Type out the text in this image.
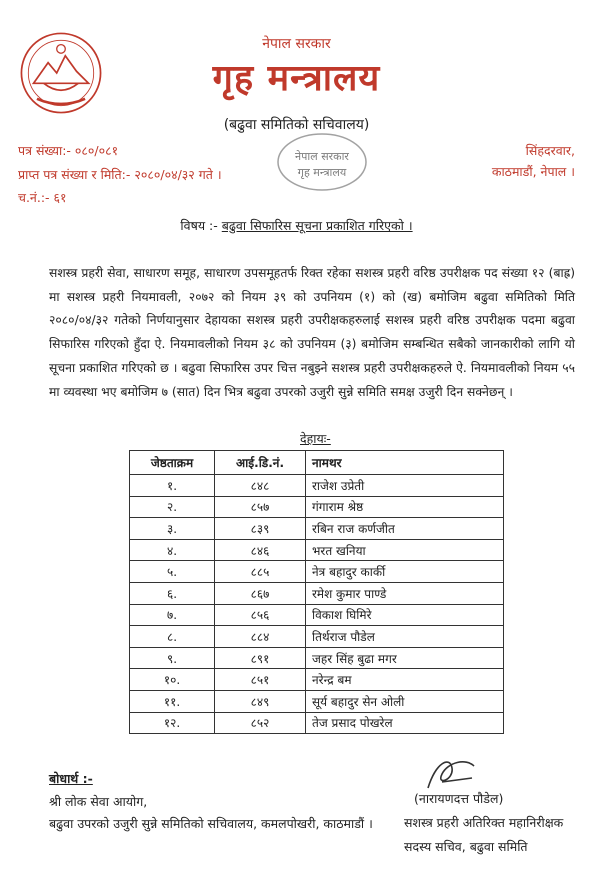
नेपाल सरकार
गृह मन्त्रालय
(बढुवा समितिको सचिवालय)
नेपाल सरकार
गृह मन्त्रालय
पत्र संख्या:- ०८०/०८१
प्राप्त पत्र संख्या र मिति:- २०८०/०४/३२ गते ।
च.नं.:- ६१
सिंहदरवार,
काठमाडौं, नेपाल ।
विषय :- बढुवा सिफारिस सूचना प्रकाशित गरिएको ।
सशस्त्र प्रहरी सेवा, साधारण समूह, साधारण उपसमूहतर्फ रिक्त रहेका सशस्त्र प्रहरी वरिष्ठ उपरीक्षक पद संख्या १२ (बाह्र) मा सशस्त्र प्रहरी नियमावली, २०७२ को नियम ३९ को उपनियम (१) को (ख) बमोजिम बढुवा समितिको मिति २०८०/०४/३२ गतेको निर्णयानुसार देहायका सशस्त्र प्रहरी उपरीक्षकहरुलाई सशस्त्र प्रहरी वरिष्ठ उपरीक्षक पदमा बढुवा सिफारिस गरिएको हुँदा ऐ. नियमावलीको नियम ३८ को उपनियम (३) बमोजिम सम्बन्धित सबैको जानकारीको लागि यो सूचना प्रकाशित गरिएको छ । बढुवा सिफारिस उपर चित्त नबुझ्ने सशस्त्र प्रहरी उपरीक्षकहरुले ऐ. नियमावलीको नियम ५५ मा व्यवस्था भए बमोजिम ७ (सात) दिन भित्र बढुवा उपरको उजुरी सुन्ने समिति समक्ष उजुरी दिन सक्नेछन् ।
देहायः-
जेष्ठताक्रम	आई.डि.नं.	नामथर
१.	८४८	राजेश उप्रेती
२.	८५७	गंगाराम श्रेष्ठ
३.	८३९	रबिन राज कर्णजीत
४.	८४६	भरत खनिया
५.	८८५	नेत्र बहादुर कार्की
६.	८६७	रमेश कुमार पाण्डे
७.	८५६	विकाश घिमिरे
८.	८८४	तिर्थराज पौडेल
९.	८९१	जहर सिंह बुढा मगर
१०.	८५१	नरेन्द्र बम
११.	८४९	सूर्य बहादुर सेन ओली
१२.	८५२	तेज प्रसाद पोखरेल
बोधार्थ :-
श्री लोक सेवा आयोग,
बढुवा उपरको उजुरी सुन्ने समितिको सचिवालय, कमलपोखरी, काठमाडौं ।
(नारायणदत्त पौडेल)
सशस्त्र प्रहरी अतिरिक्त महानिरीक्षक
सदस्य सचिव, बढुवा समिति
